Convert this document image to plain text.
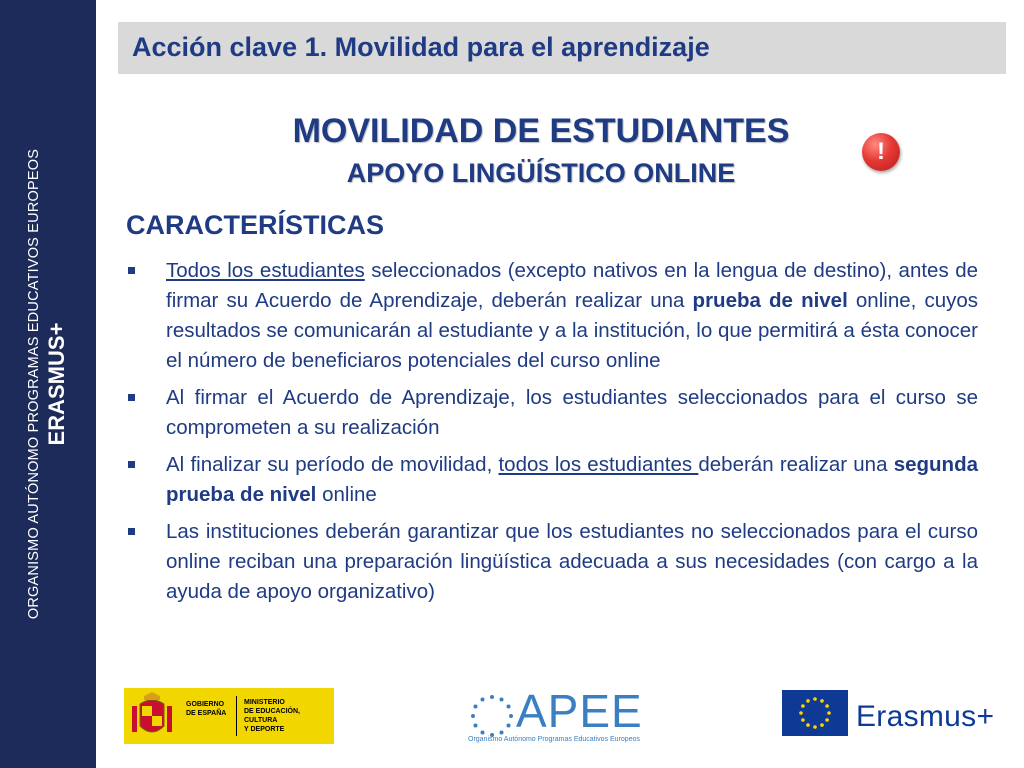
ORGANISMO AUTÓNOMO PROGRAMAS EDUCATIVOS EUROPEOS ERASMUS+
Acción clave 1. Movilidad para el aprendizaje
MOVILIDAD DE ESTUDIANTES
APOYO LINGÜÍSTICO ONLINE
!
CARACTERÍSTICAS
Todos los estudiantes seleccionados (excepto nativos en la lengua de destino), antes de firmar su Acuerdo de Aprendizaje, deberán realizar una prueba de nivel online, cuyos resultados se comunicarán al estudiante y a la institución, lo que permitirá a ésta conocer el número de beneficiaros potenciales del curso online
Al firmar el Acuerdo de Aprendizaje, los estudiantes seleccionados para el curso se comprometen a su realización
Al finalizar su período de movilidad, todos los estudiantes deberán realizar una segunda prueba de nivel online
Las instituciones deberán garantizar que los estudiantes no seleccionados para el curso online reciban una preparación lingüística adecuada a sus necesidades (con cargo a la ayuda de apoyo organizativo)
GOBIERNO
DE ESPAÑA
MINISTERIO
DE EDUCACIÓN, CULTURA
Y DEPORTE	APEE
Organismo Autónomo Programas Educativos Europeos
Erasmus+
